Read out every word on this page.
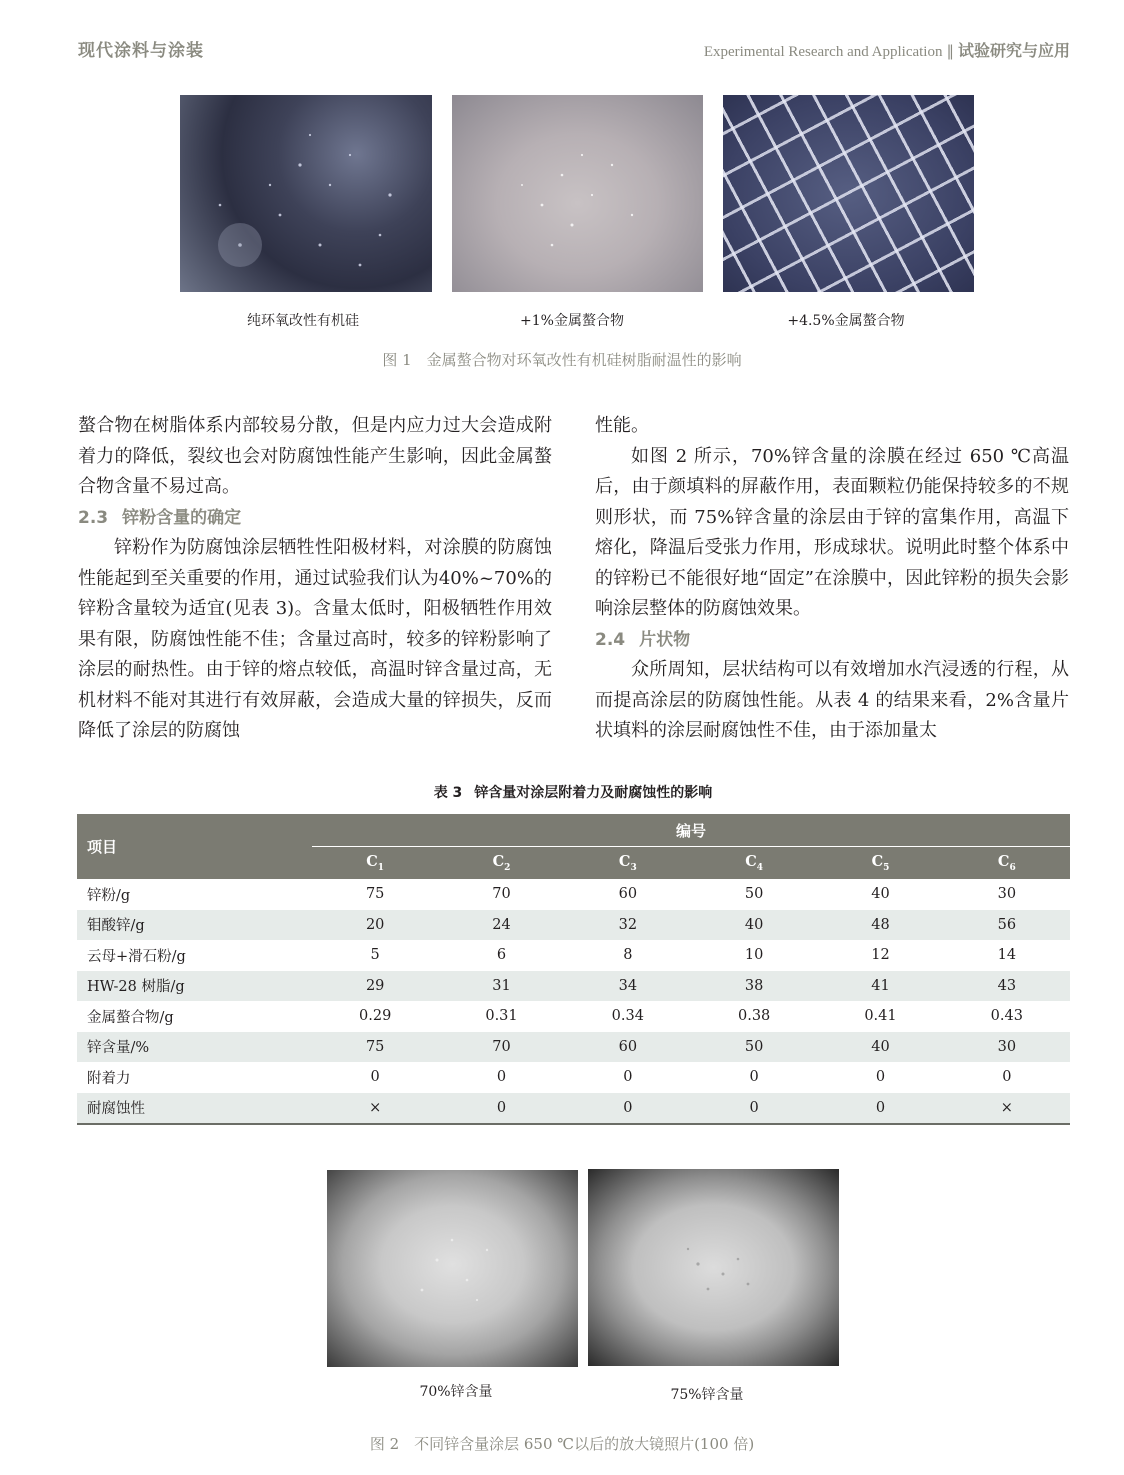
现代涂料与涂装	Experimental Research and Application ‖ 试验研究与应用
纯环氧改性有机硅	+1%金属螯合物	+4.5%金属螯合物
图 1　金属螯合物对环氧改性有机硅树脂耐温性的影响

螯合物在树脂体系内部较易分散，但是内应力过大会造成附着力的降低，裂纹也会对防腐蚀性能产生影响，因此金属螯合物含量不易过高。

2.3 锌粉含量的确定

锌粉作为防腐蚀涂层牺牲性阳极材料，对涂膜的防腐蚀性能起到至关重要的作用，通过试验我们认为40%~70%的锌粉含量较为适宜(见表 3)。含量太低时，阳极牺牲作用效果有限，防腐蚀性能不佳；含量过高时，较多的锌粉影响了涂层的耐热性。由于锌的熔点较低，高温时锌含量过高，无机材料不能对其进行有效屏蔽，会造成大量的锌损失，反而降低了涂层的防腐蚀

性能。

如图 2 所示，70%锌含量的涂膜在经过 650 ℃高温后，由于颜填料的屏蔽作用，表面颗粒仍能保持较多的不规则形状，而 75%锌含量的涂层由于锌的富集作用，高温下熔化，降温后受张力作用，形成球状。说明此时整个体系中的锌粉已不能很好地“固定”在涂膜中，因此锌粉的损失会影响涂层整体的防腐蚀效果。

2.4 片状物

众所周知，层状结构可以有效增加水汽浸透的行程，从而提高涂层的防腐蚀性能。从表 4 的结果来看，2%含量片状填料的涂层耐腐蚀性不佳，由于添加量太

表 3 锌含量对涂层附着力及耐腐蚀性的影响
项目	编号					
	$C_1$	$C_2$	$C_3$	$C_4$	$C_5$	$C_6$
锌粉/g	75	70	60	50	40	30
钼酸锌/g	20	24	32	40	48	56
云母+滑石粉/g	5	6	8	10	12	14
HW-28 树脂/g	29	31	34	38	41	43
金属螯合物/g	0.29	0.31	0.34	0.38	0.41	0.43
锌含量/%	75	70	60	50	40	30
附着力	0	0	0	0	0	0
耐腐蚀性	×	0	0	0	0	×
70%锌含量	75%锌含量
图 2　不同锌含量涂层 650 ℃以后的放大镜照片(100 倍)
